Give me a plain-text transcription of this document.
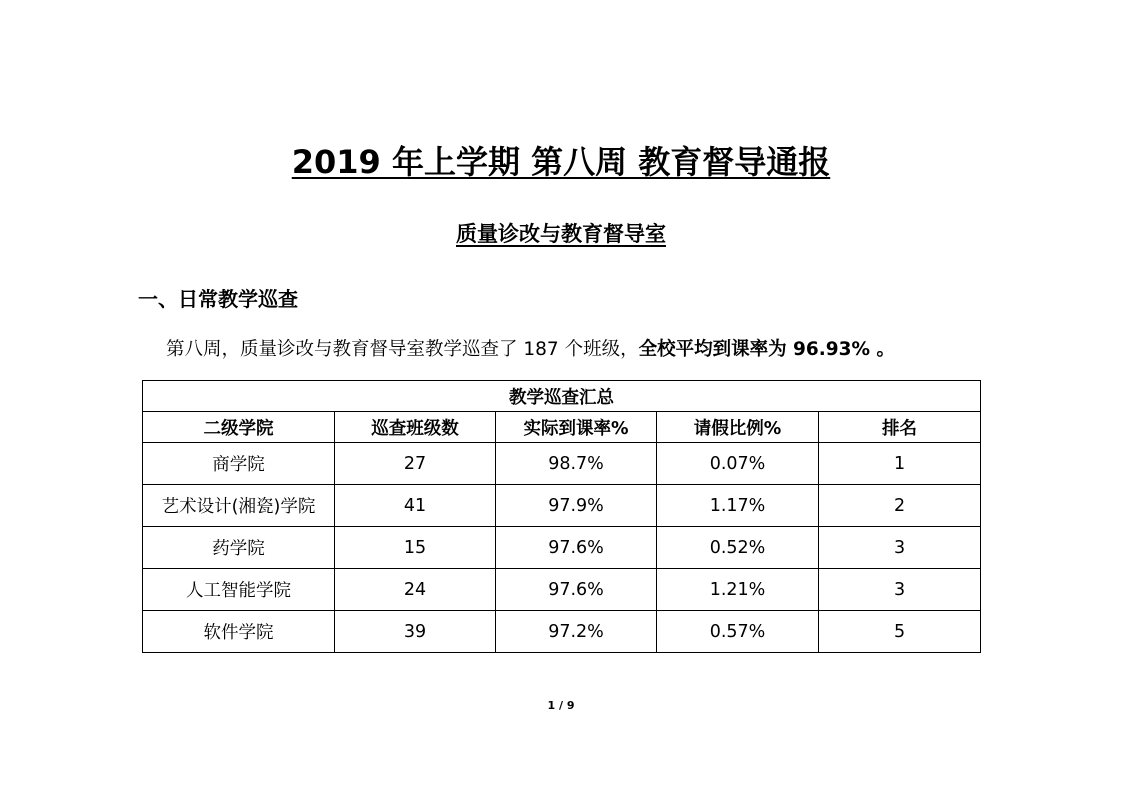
2019 年上学期 第八周 教育督导通报
质量诊改与教育督导室
一、日常教学巡查
第八周，质量诊改与教育督导室教学巡查了 187 个班级，全校平均到课率为 96.93% 。
教学巡查汇总				
二级学院	巡查班级数	实际到课率%	请假比例%	排名
商学院	27	98.7%	0.07%	1
艺术设计(湘瓷)学院	41	97.9%	1.17%	2
药学院	15	97.6%	0.52%	3
人工智能学院	24	97.6%	1.21%	3
软件学院	39	97.2%	0.57%	5
1 / 9
